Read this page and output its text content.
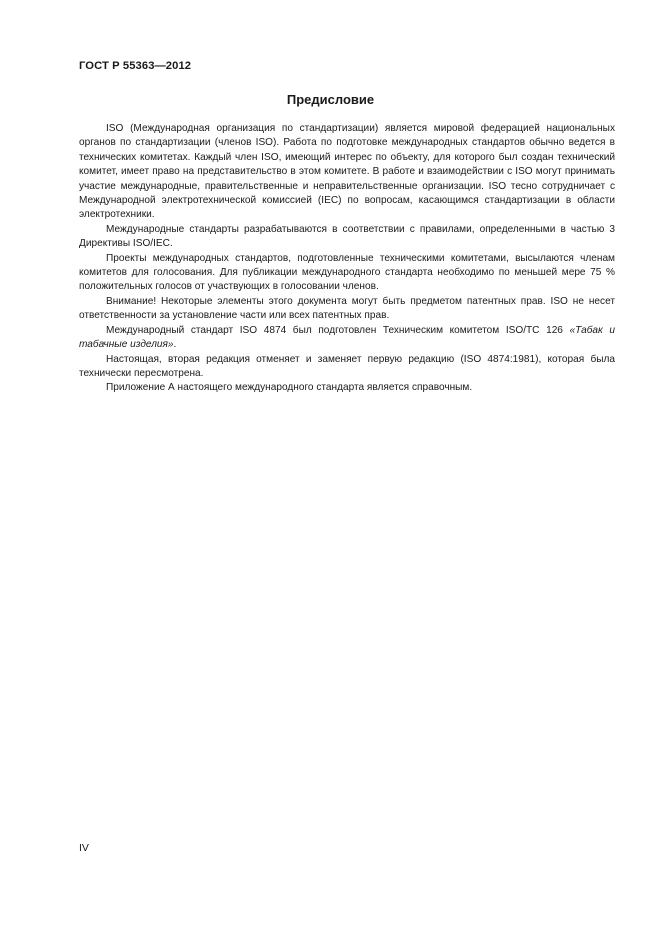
ГОСТ Р 55363—2012
Предисловие

ISO (Международная организация по стандартизации) является мировой федерацией национальных органов по стандартизации (членов ISO). Работа по подготовке международных стандартов обычно ведется в технических комитетах. Каждый член ISO, имеющий интерес по объекту, для которого был создан технический комитет, имеет право на представительство в этом комитете. В работе и взаимодействии с ISO могут принимать участие международные, правительственные и неправительственные организации. ISO тесно сотрудничает с Международной электротехнической комиссией (IEC) по вопросам, касающимся стандартизации в области электротехники.

Международные стандарты разрабатываются в соответствии с правилами, определенными в частью 3 Директивы ISO/IEC.

Проекты международных стандартов, подготовленные техническими комитетами, высылаются членам комитетов для голосования. Для публикации международного стандарта необходимо по меньшей мере 75 % положительных голосов от участвующих в голосовании членов.

Внимание! Некоторые элементы этого документа могут быть предметом патентных прав. ISO не несет ответственности за установление части или всех патентных прав.

Международный стандарт ISO 4874 был подготовлен Техническим комитетом ISO/TC 126 «Табак и табачные изделия».

Настоящая, вторая редакция отменяет и заменяет первую редакцию (ISO 4874:1981), которая была технически пересмотрена.

Приложение А настоящего международного стандарта является справочным.

IV
